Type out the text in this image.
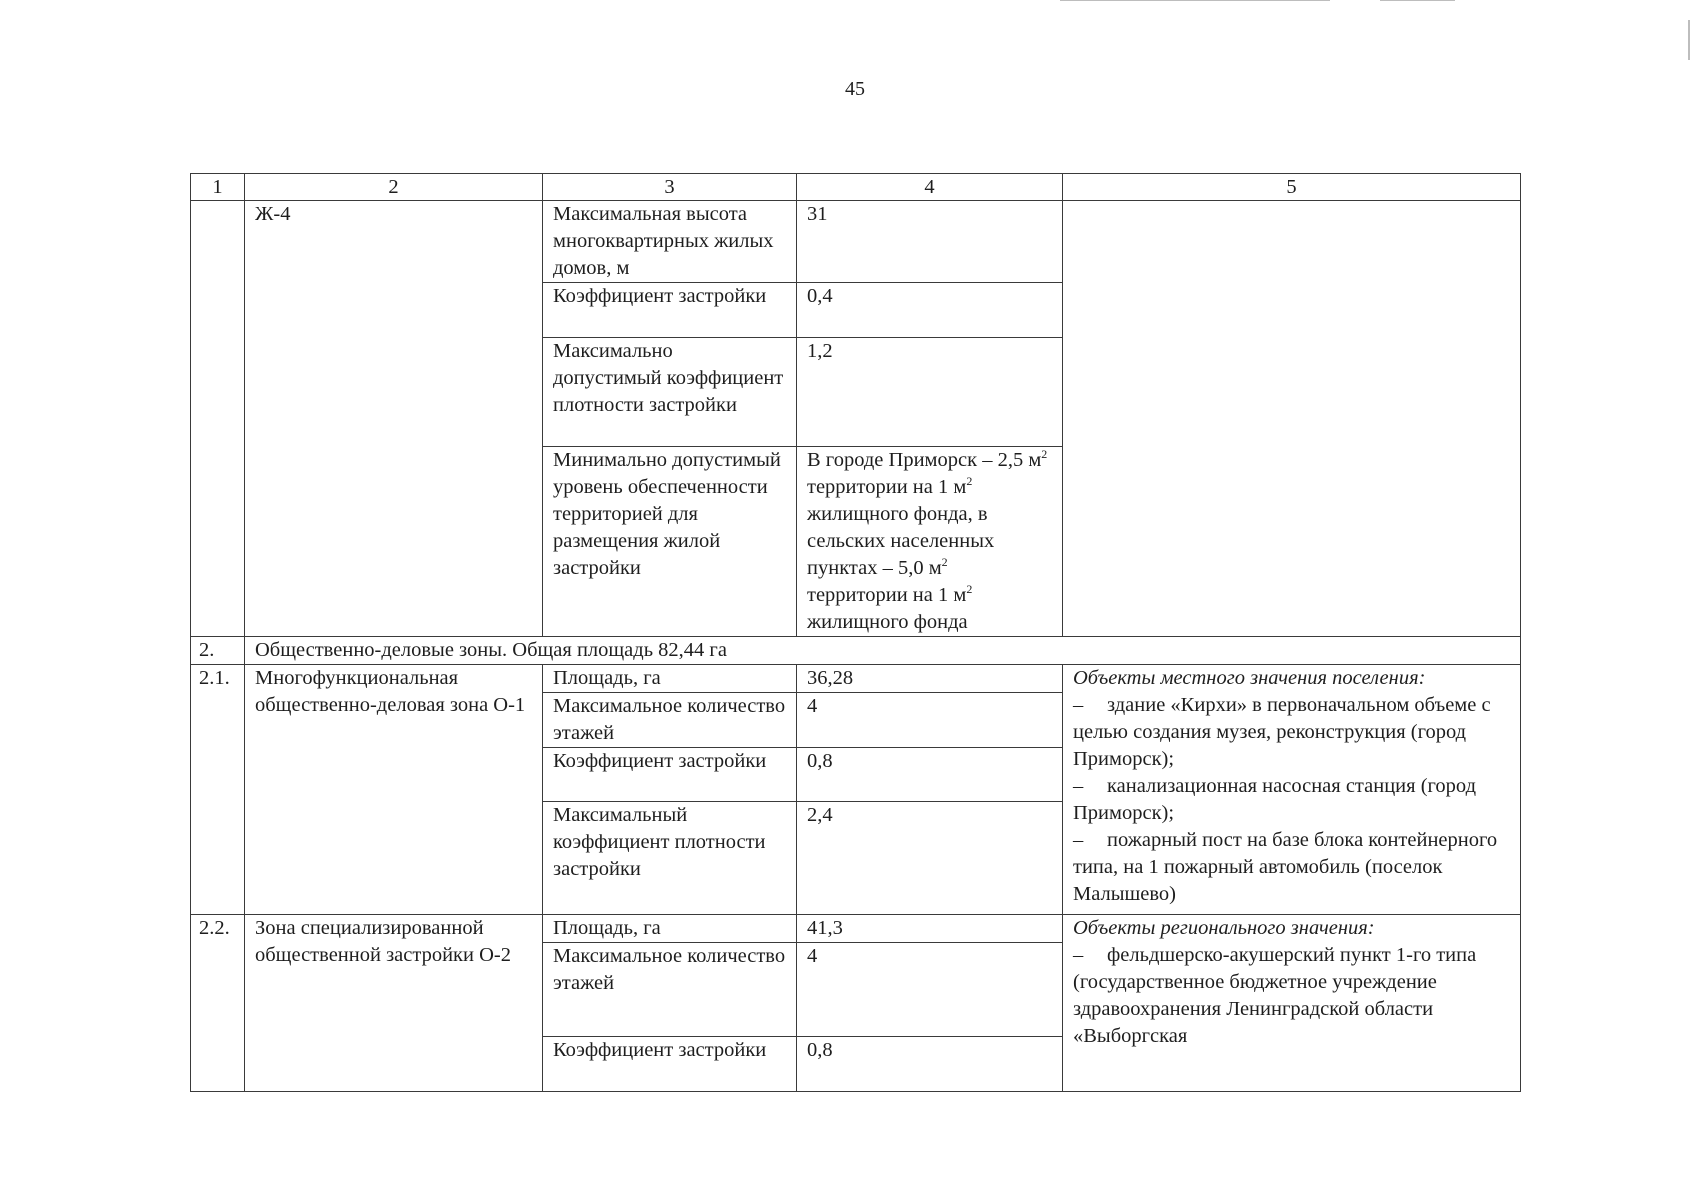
45
1	2	3	4	5
	Ж-4	Максимальная высота многоквартирных жилых домов, м	31	
		Коэффициент застройки	0,4	
		Максимально допустимый коэффициент плотности застройки	1,2	
		Минимально допустимый уровень обеспеченности территорией для размещения жилой застройки	В городе Приморск – 2,5 $м^2$ территории на 1 $м^2$ жилищного фонда, в сельских населенных пунктах – 5,0 $м^2$ территории на 1 $м^2$ жилищного фонда	
2.	Общественно-деловые зоны. Общая площадь 82,44 га			
2.1.	Многофункциональная общественно-деловая зона О-1	Площадь, га	36,28	Объекты местного значения поселения:
– здание «Кирхи» в первоначальном объеме с целью создания музея, реконструкция (город Приморск);
– канализационная насосная станция (город Приморск);
– пожарный пост на базе блока контейнерного типа, на 1 пожарный автомобиль (поселок Малышево)

		Максимальное количество этажей	4	
		Коэффициент застройки	0,8	
		Максимальный коэффициент плотности застройки	2,4	
2.2.	Зона специализированной общественной застройки О-2	Площадь, га	41,3	Объекты регионального значения:
– фельдшерско-акушерский пункт 1-го типа (государственное бюджетное учреждение здравоохранения Ленинградской области «Выборгская

		Максимальное количество этажей	4	
		Коэффициент застройки	0,8	
